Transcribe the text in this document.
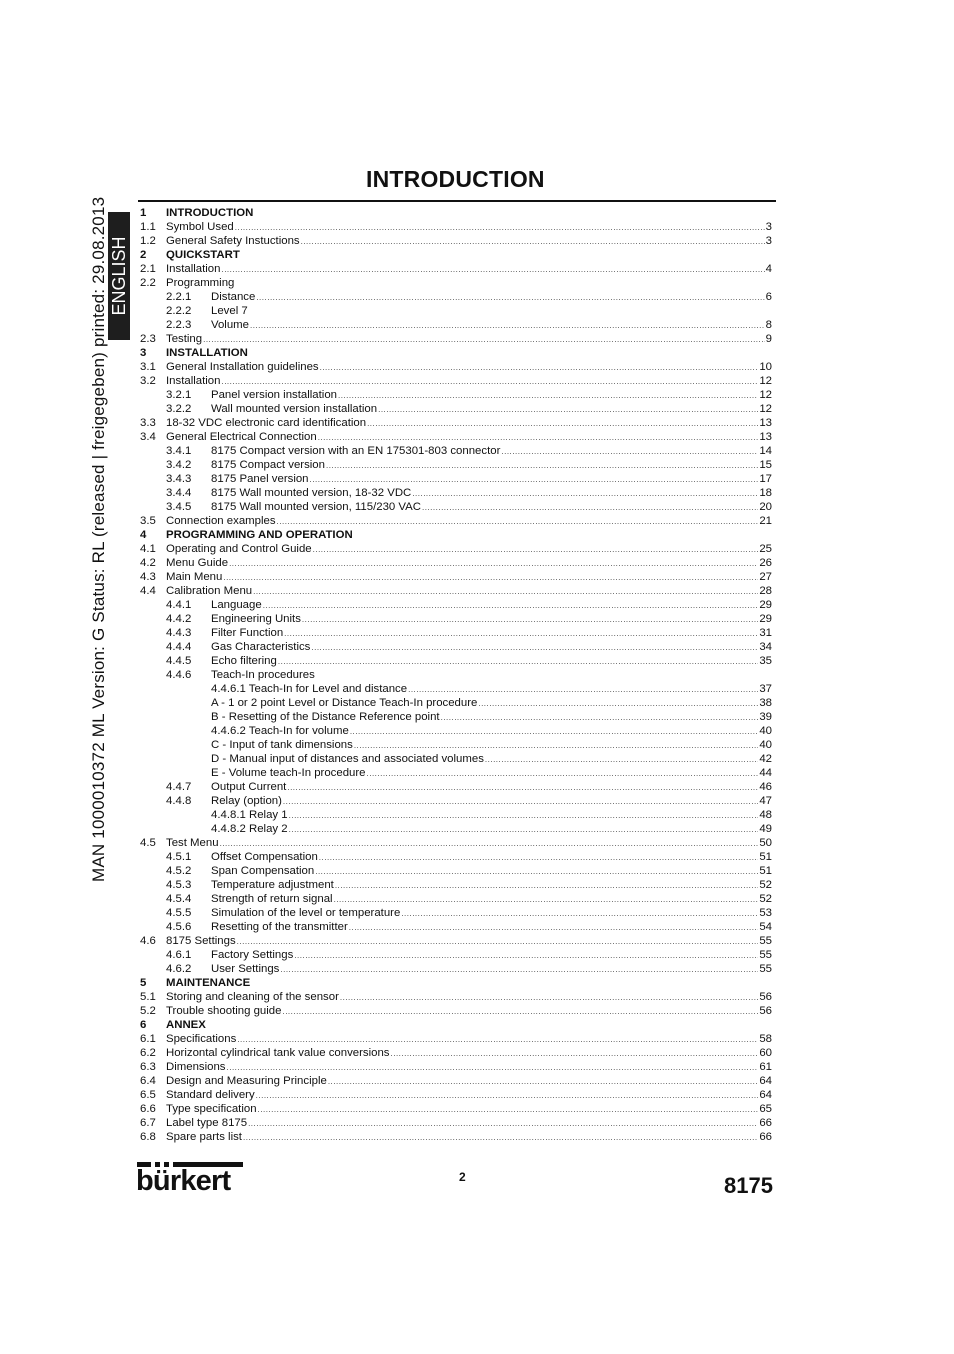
MAN 1000010372 ML Version: G Status: RL (released | freigegeben) printed: 29.08.2013 ENGLISH
INTRODUCTION
1 INTRODUCTION
1.1 Symbol Used .....	3
1.2 General Safety Instuctions .....	3
2 QUICKSTART
2.1 Installation .....	4
2.2 Programming
2.2.1 Distance .....	6
2.2.2 Level 7
2.2.3 Volume .....	8
2.3 Testing .....	9
3 INSTALLATION
3.1 General Installation guidelines .....	10
3.2 Installation .....	12
3.2.1 Panel version installation .....	12
3.2.2 Wall mounted version installation .....	12
3.3 18-32 VDC electronic card identification .....	13
3.4 General Electrical Connection .....	13
3.4.1 8175 Compact version with an EN 175301-803 connector .....	14
3.4.2 8175 Compact version .....	15
3.4.3 8175 Panel version .....	17
3.4.4 8175 Wall mounted version, 18-32 VDC .....	18
3.4.5 8175 Wall mounted version, 115/230 VAC .....	20
3.5 Connection examples .....	21
4 PROGRAMMING AND OPERATION
4.1 Operating and Control Guide .....	25
4.2 Menu Guide .....	26
4.3 Main Menu .....	27
4.4 Calibration Menu .....	28
4.4.1 Language .....	29
4.4.2 Engineering Units .....	29
4.4.3 Filter Function .....	31
4.4.4 Gas Characteristics .....	34
4.4.5 Echo filtering .....	35
4.4.6 Teach-In procedures
4.4.6.1 Teach-In for Level and distance .....	37
A - 1 or 2 point Level or Distance Teach-In procedure .....	38
B - Resetting of the Distance Reference point .....	39
4.4.6.2 Teach-In for volume .....	40
C - Input of tank dimensions .....	40
D - Manual input of distances and associated volumes .....	42
E - Volume teach-In procedure .....	44
4.4.7 Output Current .....	46
4.4.8 Relay (option) .....	47
4.4.8.1 Relay 1 .....	48
4.4.8.2 Relay 2 .....	49
4.5 Test Menu .....	50
4.5.1 Offset Compensation .....	51
4.5.2 Span Compensation .....	51
4.5.3 Temperature adjustment .....	52
4.5.4 Strength of return signal .....	52
4.5.5 Simulation of the level or temperature .....	53
4.5.6 Resetting of the transmitter .....	54
4.6 8175 Settings .....	55
4.6.1 Factory Settings .....	55
4.6.2 User Settings .....	55
5 MAINTENANCE
5.1 Storing and cleaning of the sensor .....	56
5.2 Trouble shooting guide .....	56
6 ANNEX
6.1 Specifications .....	58
6.2 Horizontal cylindrical tank value conversions .....	60
6.3 Dimensions .....	61
6.4 Design and Measuring Principle .....	64
6.5 Standard delivery .....	64
6.6 Type specification .....	65
6.7 Label type 8175 .....	66
6.8 Spare parts list .....	66
bürkert	2	8175
